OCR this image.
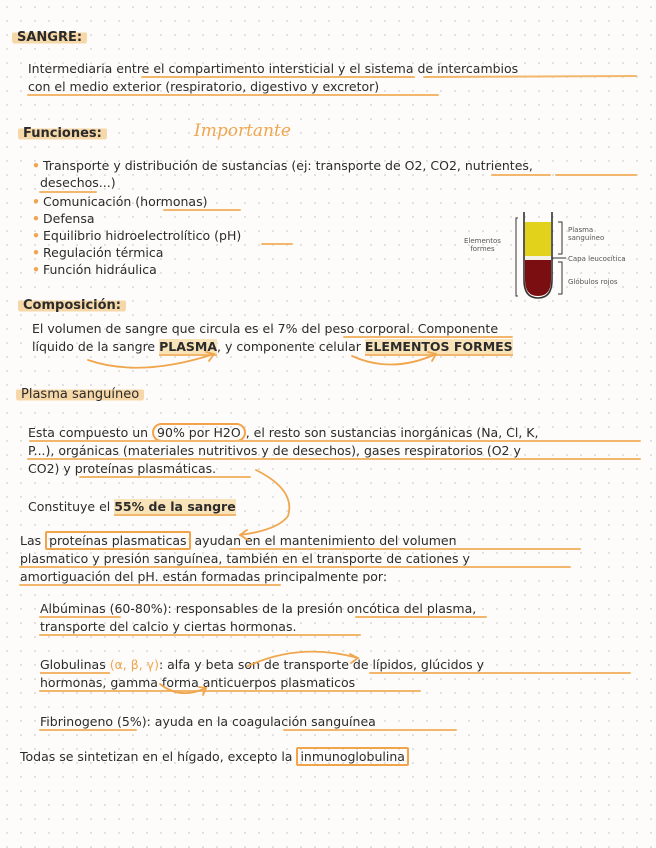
SANGRE:
Intermediaria entre el compartimento intersticial y el sistema de intercambios
con el medio exterior (respiratorio, digestivo y excretor)
Funciones:	Importante
• Transporte y distribución de sustancias (ej: transporte de O2, CO2, nutrientes,
desechos...)
• Comunicación (hormonas)
• Defensa
• Equilibrio hidroelectrolítico (pH)
• Regulación térmica
• Función hidráulica
Elementos
formes
Plasma
sanguíneo
Capa leucocítica
Glóbulos rojos
Composición:
El volumen de sangre que circula es el 7% del peso corporal. Componente
líquido de la sangre PLASMA, y componente celular ELEMENTOS FORMES
Plasma sanguíneo
Esta compuesto un 90% por H2O , el resto son sustancias inorgánicas (Na, Cl, K,
P...), orgánicas (materiales nutritivos y de desechos), gases respiratorios (O2 y
CO2) y proteínas plasmáticas.
Constituye el 55% de la sangre
Las proteínas plasmaticas ayudan en el mantenimiento del volumen
plasmatico y presión sanguínea, también en el transporte de cationes y
amortiguación del pH. están formadas principalmente por:
Albúminas (60-80%): responsables de la presión oncótica del plasma,
transporte del calcio y ciertas hormonas.
Globulinas (α, β, γ): alfa y beta son de transporte de lípidos, glúcidos y
hormonas, gamma forma anticuerpos plasmaticos
Fibrinogeno (5%): ayuda en la coagulación sanguínea
Todas se sintetizan en el hígado, excepto la inmunoglobulina
